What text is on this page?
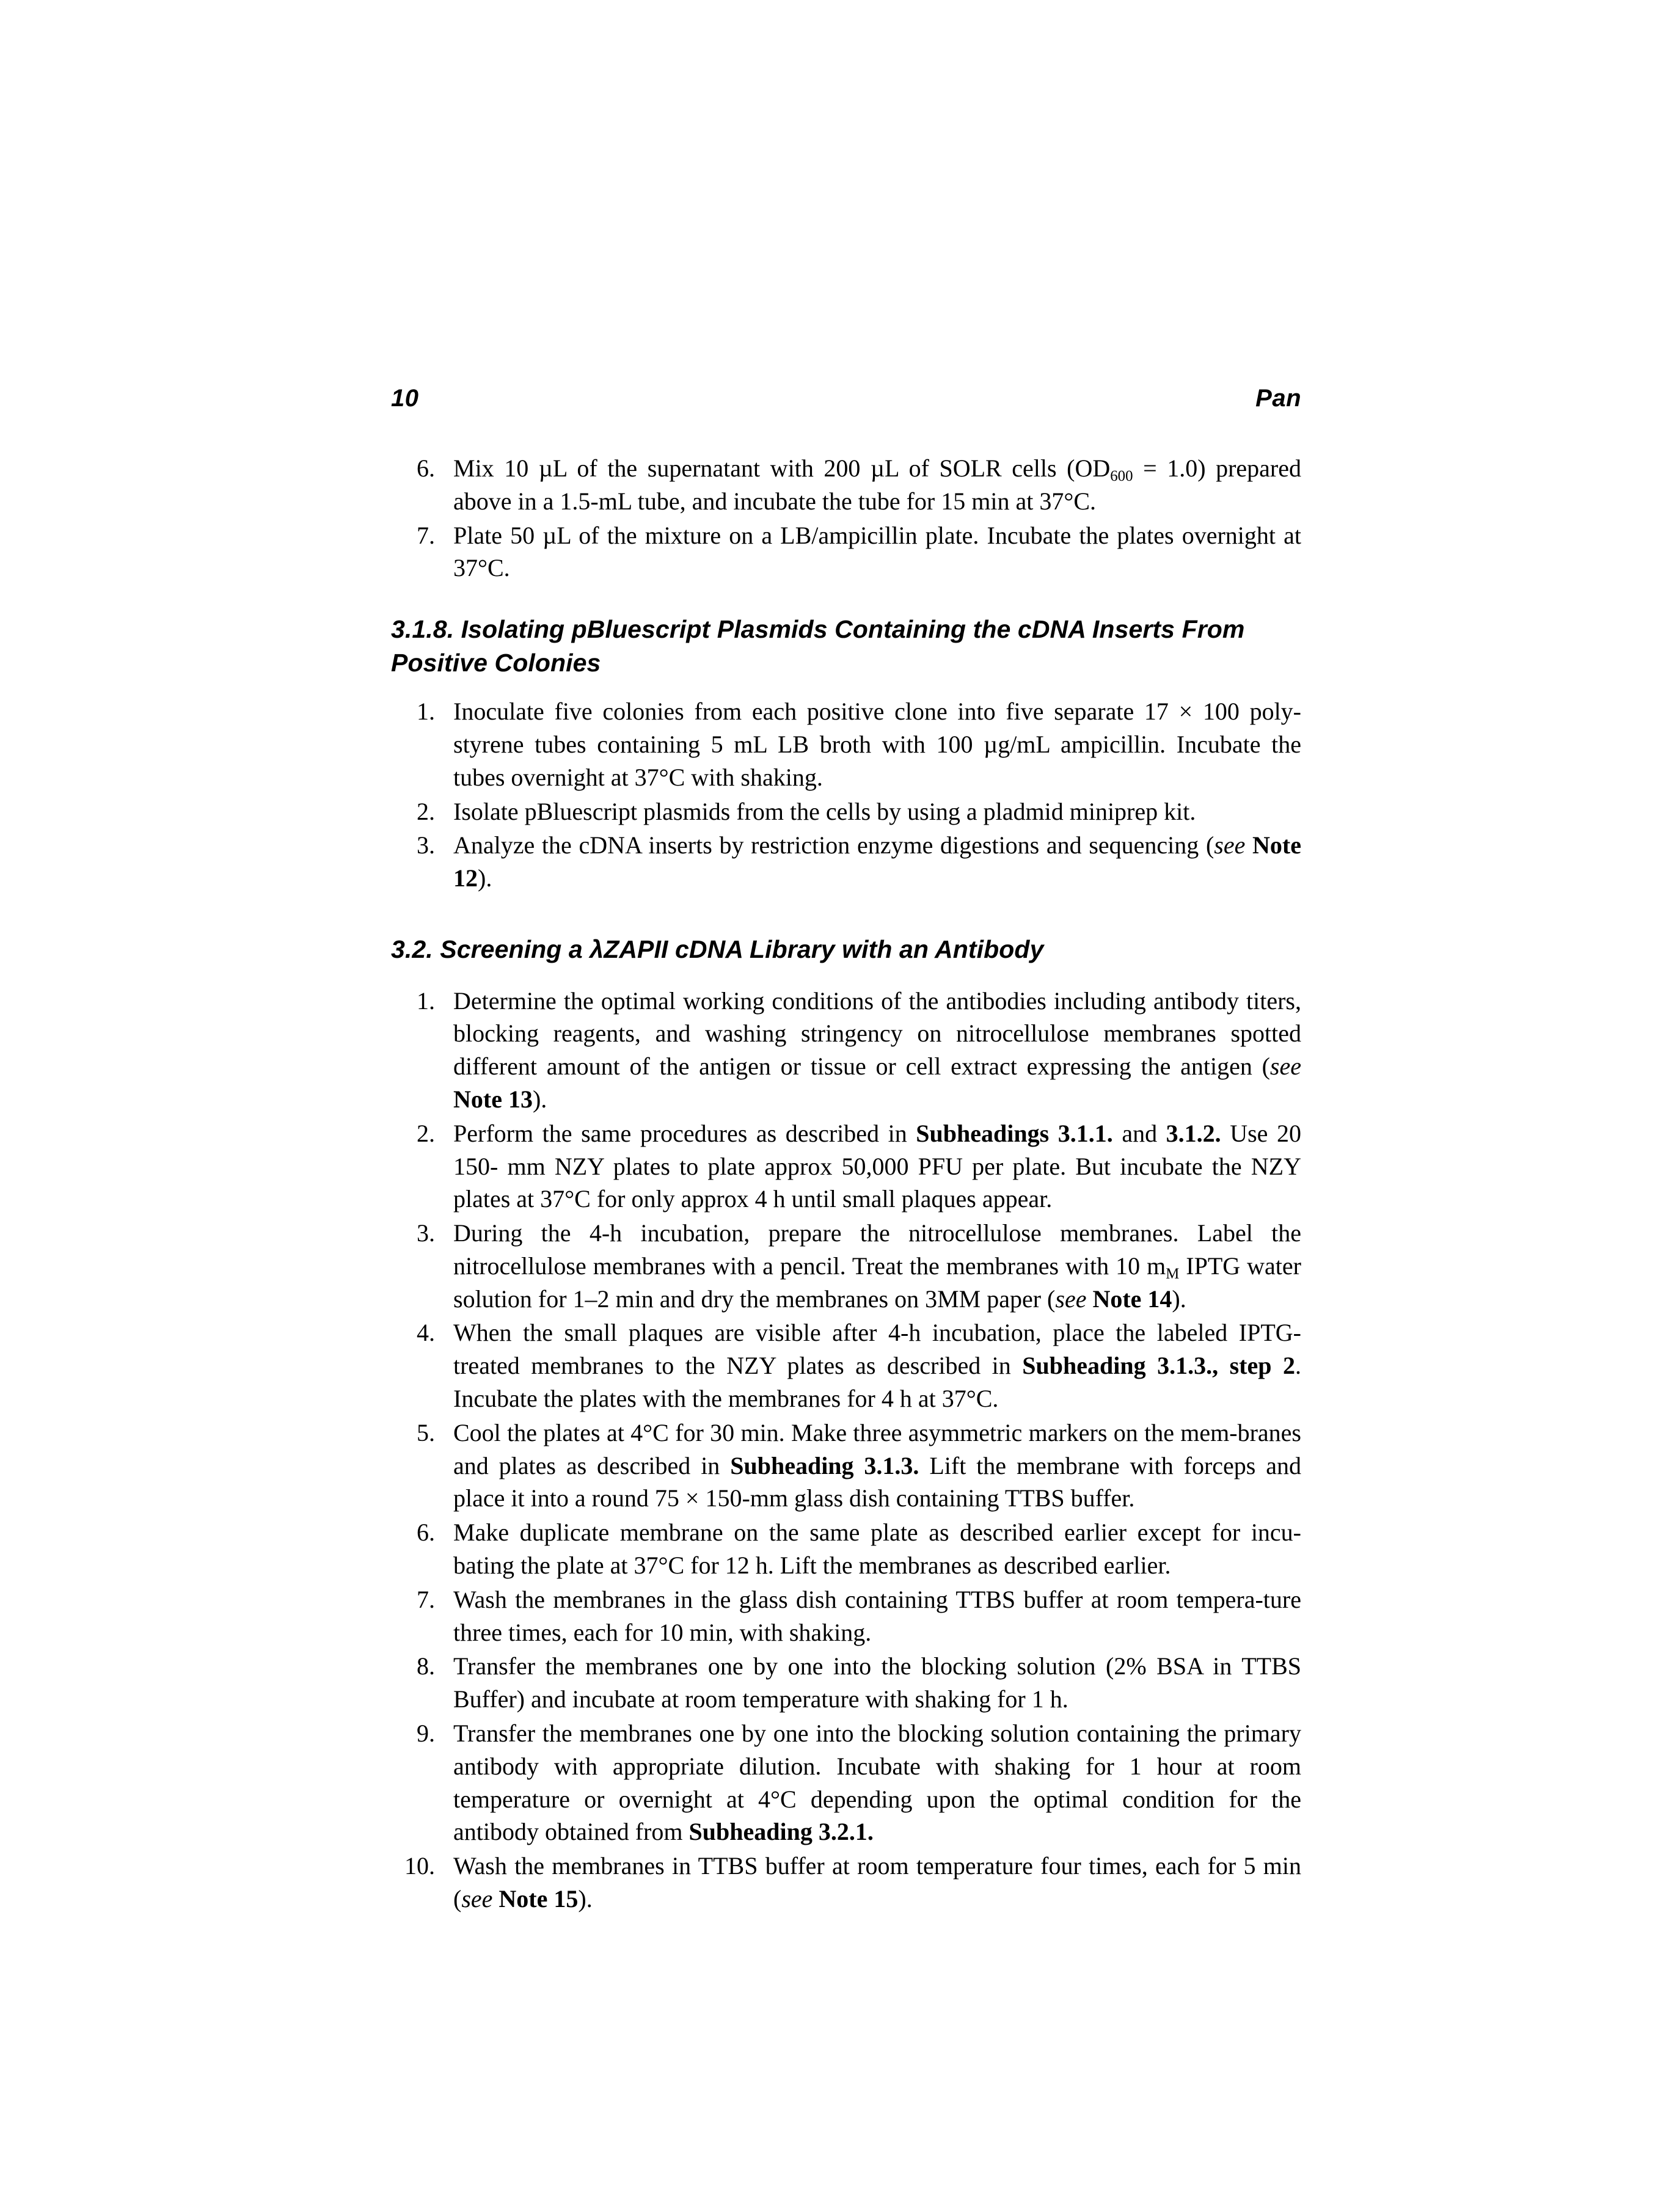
10	Pan
6. Mix 10 µL of the supernatant with 200 µL of SOLR cells $(OD_{600} = 1.0)$ prepared above in a 1.5-mL tube, and incubate the tube for 15 min at 37°C.
7. Plate 50 µL of the mixture on a LB/ampicillin plate. Incubate the plates overnight at 37°C.
3.1.8. Isolating pBluescript Plasmids Containing the cDNA Inserts From Positive Colonies
1. Inoculate five colonies from each positive clone into five separate 17 × 100 poly-styrene tubes containing 5 mL LB broth with 100 µg/mL ampicillin. Incubate the tubes overnight at 37°C with shaking.
2. Isolate pBluescript plasmids from the cells by using a pladmid miniprep kit.
3. Analyze the cDNA inserts by restriction enzyme digestions and sequencing (see Note 12).
3.2. Screening a λZAPII cDNA Library with an Antibody
1. Determine the optimal working conditions of the antibodies including antibody titers, blocking reagents, and washing stringency on nitrocellulose membranes spotted different amount of the antigen or tissue or cell extract expressing the antigen (see Note 13).
2. Perform the same procedures as described in Subheadings 3.1.1. and 3.1.2. Use 20 150- mm NZY plates to plate approx 50,000 PFU per plate. But incubate the NZY plates at 37°C for only approx 4 h until small plaques appear.
3. During the 4-h incubation, prepare the nitrocellulose membranes. Label the nitrocellulose membranes with a pencil. Treat the membranes with 10 $m_M$ IPTG water solution for 1–2 min and dry the membranes on 3MM paper (see Note 14).
4. When the small plaques are visible after 4-h incubation, place the labeled IPTG-treated membranes to the NZY plates as described in Subheading 3.1.3., step 2. Incubate the plates with the membranes for 4 h at 37°C.
5. Cool the plates at 4°C for 30 min. Make three asymmetric markers on the mem-branes and plates as described in Subheading 3.1.3. Lift the membrane with forceps and place it into a round 75 × 150-mm glass dish containing TTBS buffer.
6. Make duplicate membrane on the same plate as described earlier except for incu-bating the plate at 37°C for 12 h. Lift the membranes as described earlier.
7. Wash the membranes in the glass dish containing TTBS buffer at room tempera-ture three times, each for 10 min, with shaking.
8. Transfer the membranes one by one into the blocking solution (2% BSA in TTBS Buffer) and incubate at room temperature with shaking for 1 h.
9. Transfer the membranes one by one into the blocking solution containing the primary antibody with appropriate dilution. Incubate with shaking for 1 hour at room temperature or overnight at 4°C depending upon the optimal condition for the antibody obtained from Subheading 3.2.1.
10. Wash the membranes in TTBS buffer at room temperature four times, each for 5 min (see Note 15).
